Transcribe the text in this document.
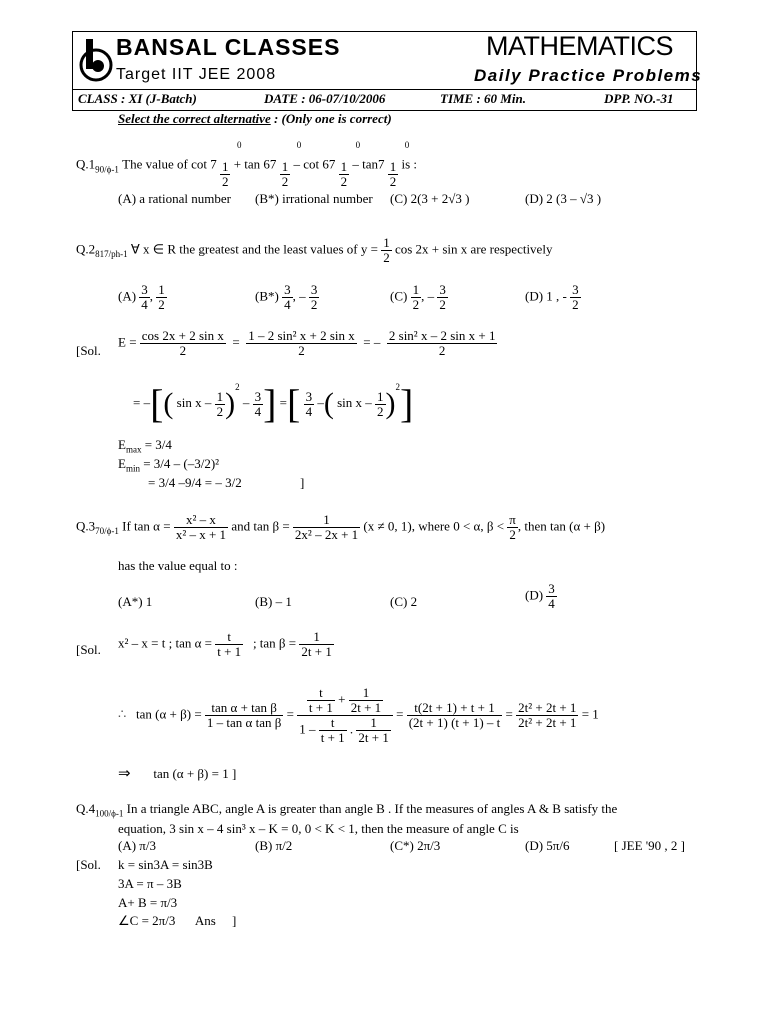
BANSAL CLASSES	MATHEMATICS
Target IIT JEE 2008	Daily Practice Problems
CLASS : XI (J-Batch)	DATE : 06-07/10/2006	TIME : 60 Min.	DPP. NO.-31
Select the correct alternative : (Only one is correct)
$Q.1_{90/\phi-1}$ The value of cot 7 $^0$
1
2
+ tan 67 $^0$
1
2
– cot 67 $^0$
1
2
– tan7 $^0$
1
2
is :
(A) a rational number (B*) irrational number (C) 2(3 + 2√3 )	(D) 2 (3 – √3 )
$Q.2_{817/ph-1}$ ∀ x ∈ R the greatest and the least values of $y = \frac{1}{2}$ cos 2x + sin x are respectively
$(A) \frac{3}{4}$ , $\frac{1}{2}$	$(B*) \frac{3}{4}$ , – $\frac{3}{2}$	$(C) \frac{1}{2}$ , – $\frac{3}{2}$	(D) 1 , - $\frac{3}{2}$
[Sol.
$E = \frac{\text{cos 2x + 2 sin x}}{2} = \frac{\text{1 – 2 sin² x + 2 sin x}}{2}$ = – $\frac{\text{2 sin² x – 2 sin x + 1}}{2}$
= –[( sin x – $\frac{1}{2} )^2 - \frac{3}{4}$ ] =[ $\frac{3}{4}$ –( sin x – $\frac{1}{2} )^2$]
$E_{max} = 3/4$
$E_{min} = 3/4 - (-3/2)^2$
= 3/4 –9/4 = – 3/2	]
$Q.3_{70/\phi-1}$ If $\tan \alpha = \frac{\text{x² – x}}{\text{x² – x + 1}}$ and $\tan \beta = \frac{1}{\text{2x² – 2x + 1}} (x \ne 0$, 1), where 0 < α, $\beta < \frac{\pi}{2}$ , then tan (α + β)
has the value equal to :
(A*) 1	(B) – 1	(C) 2	$(D) \frac{3}{4}$
[Sol. x² – x = t ; $\tan \alpha = \frac{t}{t + 1}$ ; $\tan \beta = \frac{1}{2t + 1}$
∴ $\tan (\alpha + \beta) = \frac{\text{tan α + tan β}}{\text{1 – tan α tan β}} = \frac{\frac{t}{t + 1} + \frac{1}{2t + 1}}{1 - \frac{t}{t + 1} . \frac{1}{2t + 1}} = \frac{t(2t + 1) + t + 1}{(2t + 1) (t + 1) - t} = \frac{\text{2t² + 2t + 1}}{\text{2t² + 2t + 1}} = 1$
⇒ tan (α + β) = 1 ]
$Q.4_{100/\phi-1}$ In a triangle ABC, angle A is greater than angle B . If the measures of angles A & B satisfy the
equation, 3 sin x – 4 sin³ x – K = 0, 0 < K < 1, then the measure of angle C is
(A) π/3	(B) π/2	(C*) 2π/3	(D) 5π/6	[ JEE '90 , 2 ]
[Sol. k = sin3A = sin3B
3A = π – 3B
A+ B = π/3
∠C = 2π/3      Ans     ]
